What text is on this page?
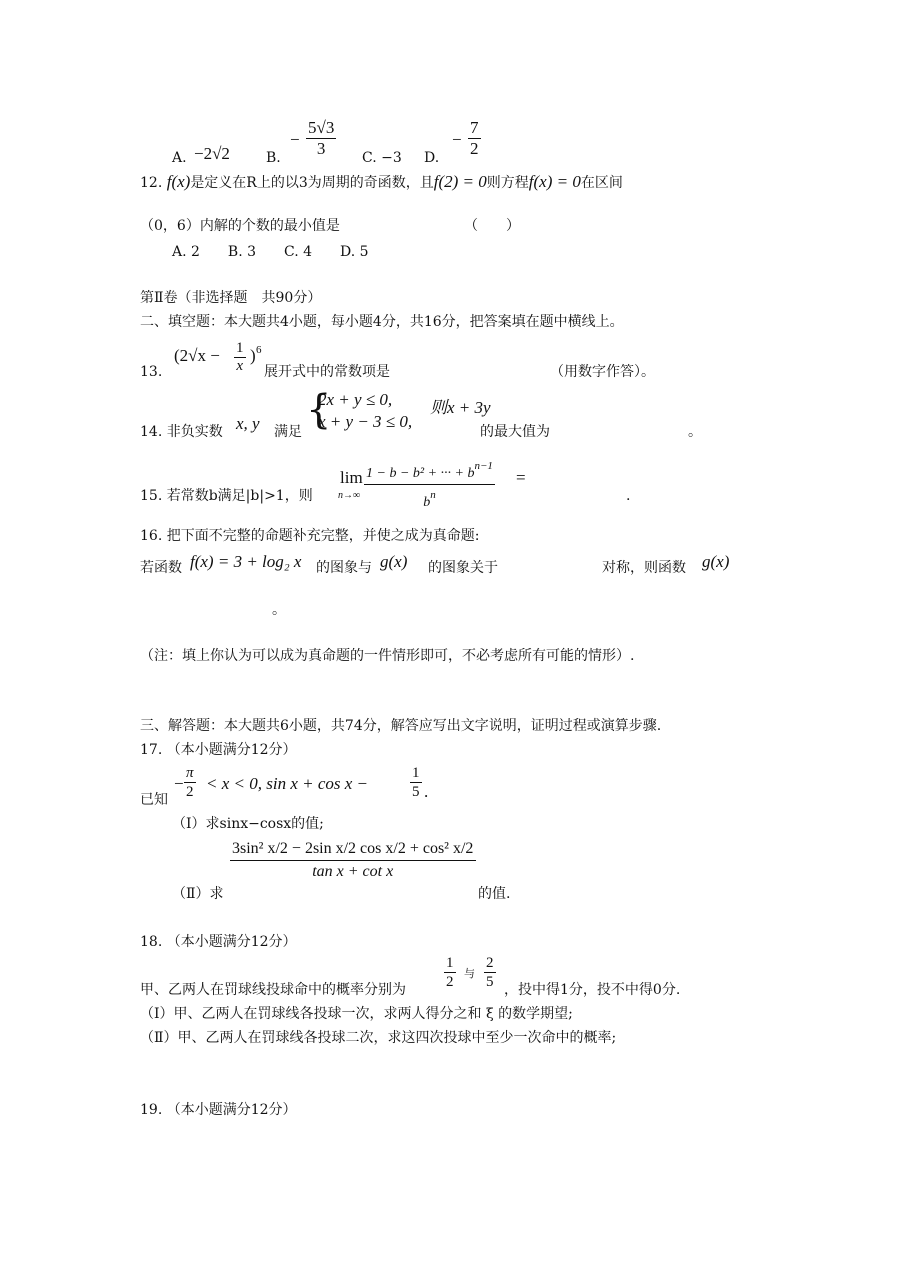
A. −2√2	B.
−
5√3
3	C. −3 D.
−
7
2
12. f(x)是定义在R上的以3为周期的奇函数，且f(2) = 0则方程f(x) = 0在区间
（0，6）内解的个数的最小值是	（　　）
A. 2　　B. 3　　C. 4　　D. 5
第Ⅱ卷（非选择题　共90分）
二、填空题：本大题共4小题，每小题4分，共16分，把答案填在题中横线上。
13.
(2√x − 1
x
) 6
展开式中的常数项是	（用数字作答）。
14. 非负实数 x, y 满足 {
2x + y ≤ 0,
x + y − 3 ≤ 0,
则x + 3y
的最大值为	。
15. 若常数b满足|b|>1，则
lim
n→∞
1 − b − b² + ··· + $b^{n-1}$
$b^n$
=
.
16. 把下面不完整的命题补充完整，并使之成为真命题:
若函数 f(x) = 3 + log₂ x 的图象与 g(x) 的图象关于	对称，则函数 g(x)
。
（注：填上你认为可以成为真命题的一件情形即可，不必考虑所有可能的情形）.
三、解答题：本大题共6小题，共74分，解答应写出文字说明，证明过程或演算步骤.
17. （本小题满分12分）
已知
−
π
2 < x < 0, sin x + cos x −
1
5 .
（I）求sinx−cosx的值;
（Ⅱ）求
3sin² x/2 − 2sin x/2 cos x/2 + cos² x/2
tan x + cot x
的值.
18. （本小题满分12分）
甲、乙两人在罚球线投球命中的概率分别为
1
2
与
2
5 ，投中得1分，投不中得0分.
（Ⅰ）甲、乙两人在罚球线各投球一次，求两人得分之和 ξ 的数学期望;
（Ⅱ）甲、乙两人在罚球线各投球二次，求这四次投球中至少一次命中的概率;
19. （本小题满分12分）
